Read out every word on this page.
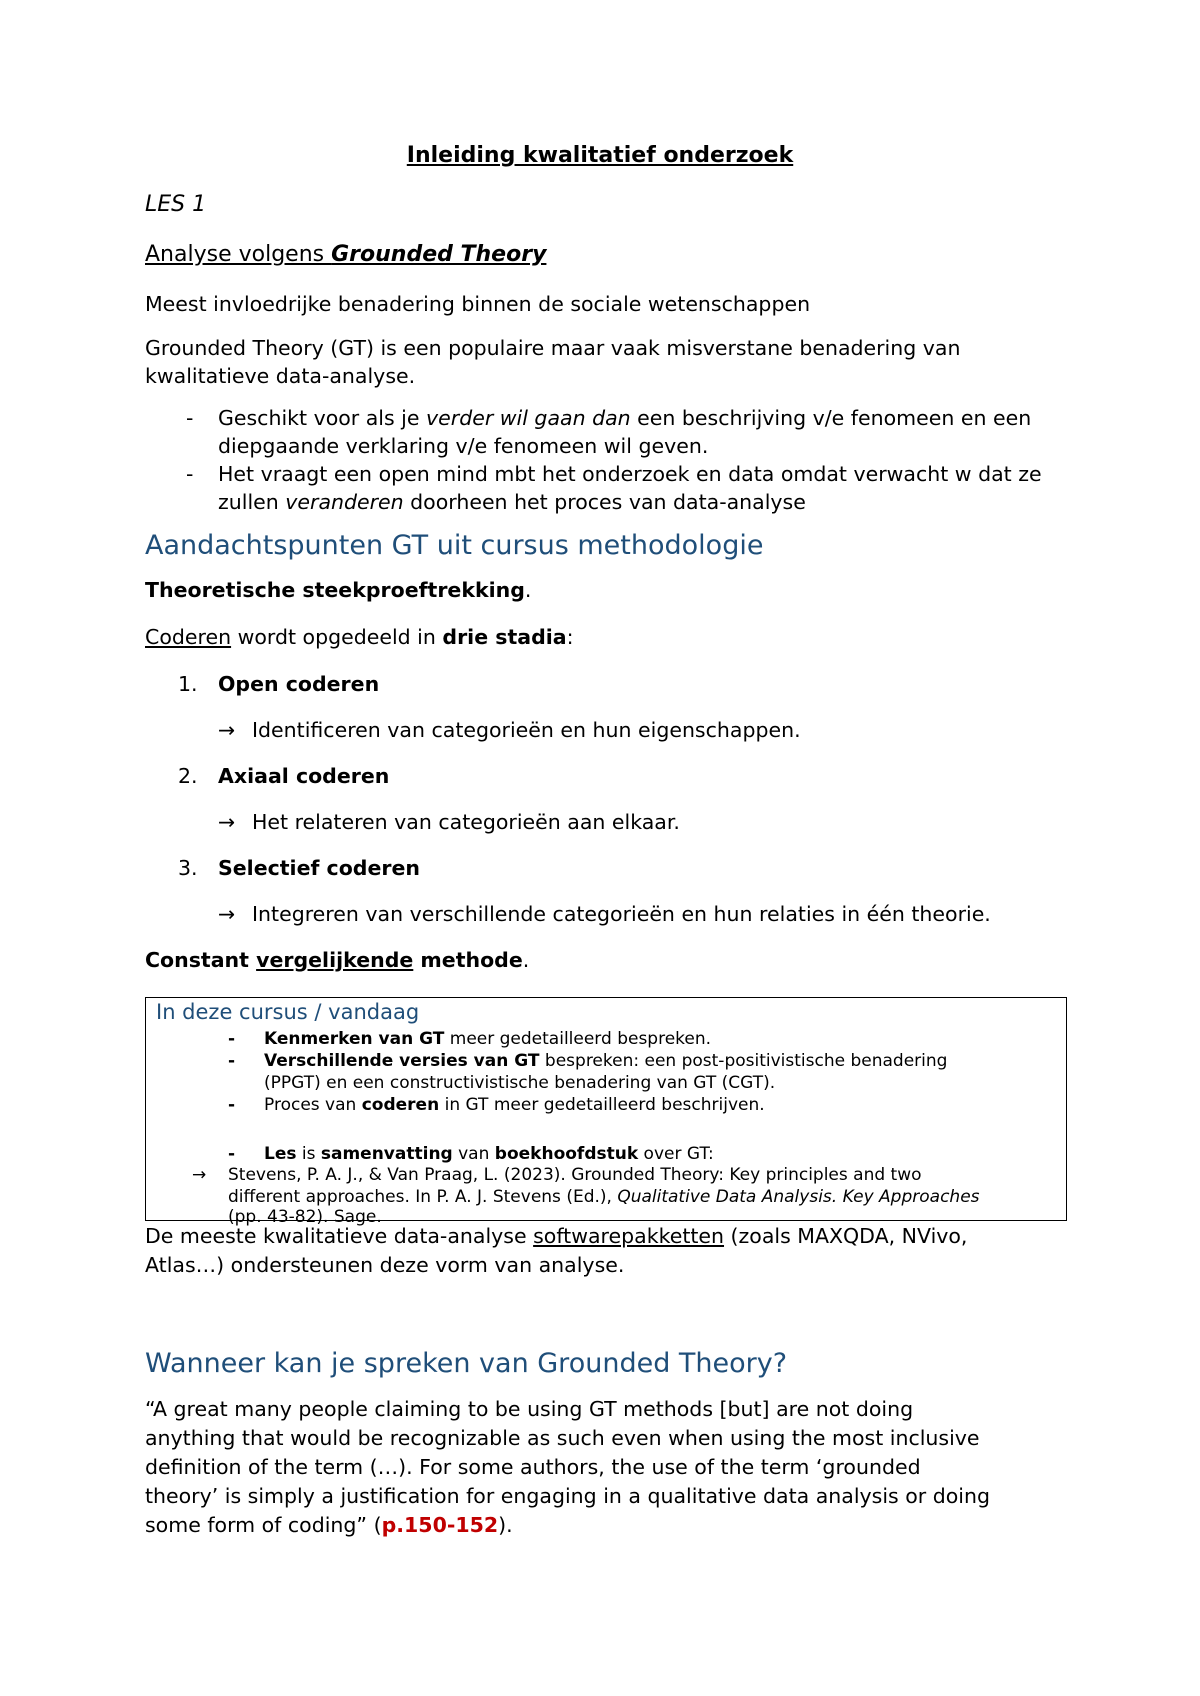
Inleiding kwalitatief onderzoek
LES 1
Analyse volgens Grounded Theory
Meest invloedrijke benadering binnen de sociale wetenschappen
Grounded Theory (GT) is een populaire maar vaak misverstane benadering van
kwalitatieve data-analyse.
- Geschikt voor als je verder wil gaan dan een beschrijving v/e fenomeen en een
diepgaande verklaring v/e fenomeen wil geven.
- Het vraagt een open mind mbt het onderzoek en data omdat verwacht w dat ze
zullen veranderen doorheen het proces van data-analyse
Aandachtspunten GT uit cursus methodologie
Theoretische steekproeftrekking.
Coderen wordt opgedeeld in drie stadia:
1. Open coderen
→ Identificeren van categorieën en hun eigenschappen.
2. Axiaal coderen
→ Het relateren van categorieën aan elkaar.
3. Selectief coderen
→ Integreren van verschillende categorieën en hun relaties in één theorie.
Constant vergelijkende methode.
In deze cursus / vandaag
- Kenmerken van GT meer gedetailleerd bespreken.
- Verschillende versies van GT bespreken: een post-positivistische benadering
(PPGT) en een constructivistische benadering van GT (CGT).
- Proces van coderen in GT meer gedetailleerd beschrijven.
- Les is samenvatting van boekhoofdstuk over GT:
→ Stevens, P. A. J., & Van Praag, L. (2023). Grounded Theory: Key principles and two
different approaches. In P. A. J. Stevens (Ed.), Qualitative Data Analysis. Key Approaches
(pp. 43-82). Sage.
De meeste kwalitatieve data-analyse softwarepakketten (zoals MAXQDA, NVivo,
Atlas…) ondersteunen deze vorm van analyse.
Wanneer kan je spreken van Grounded Theory?
“A great many people claiming to be using GT methods [but] are not doing
anything that would be recognizable as such even when using the most inclusive
definition of the term (…). For some authors, the use of the term ‘grounded
theory’ is simply a justification for engaging in a qualitative data analysis or doing
some form of coding” (p.150-152).
